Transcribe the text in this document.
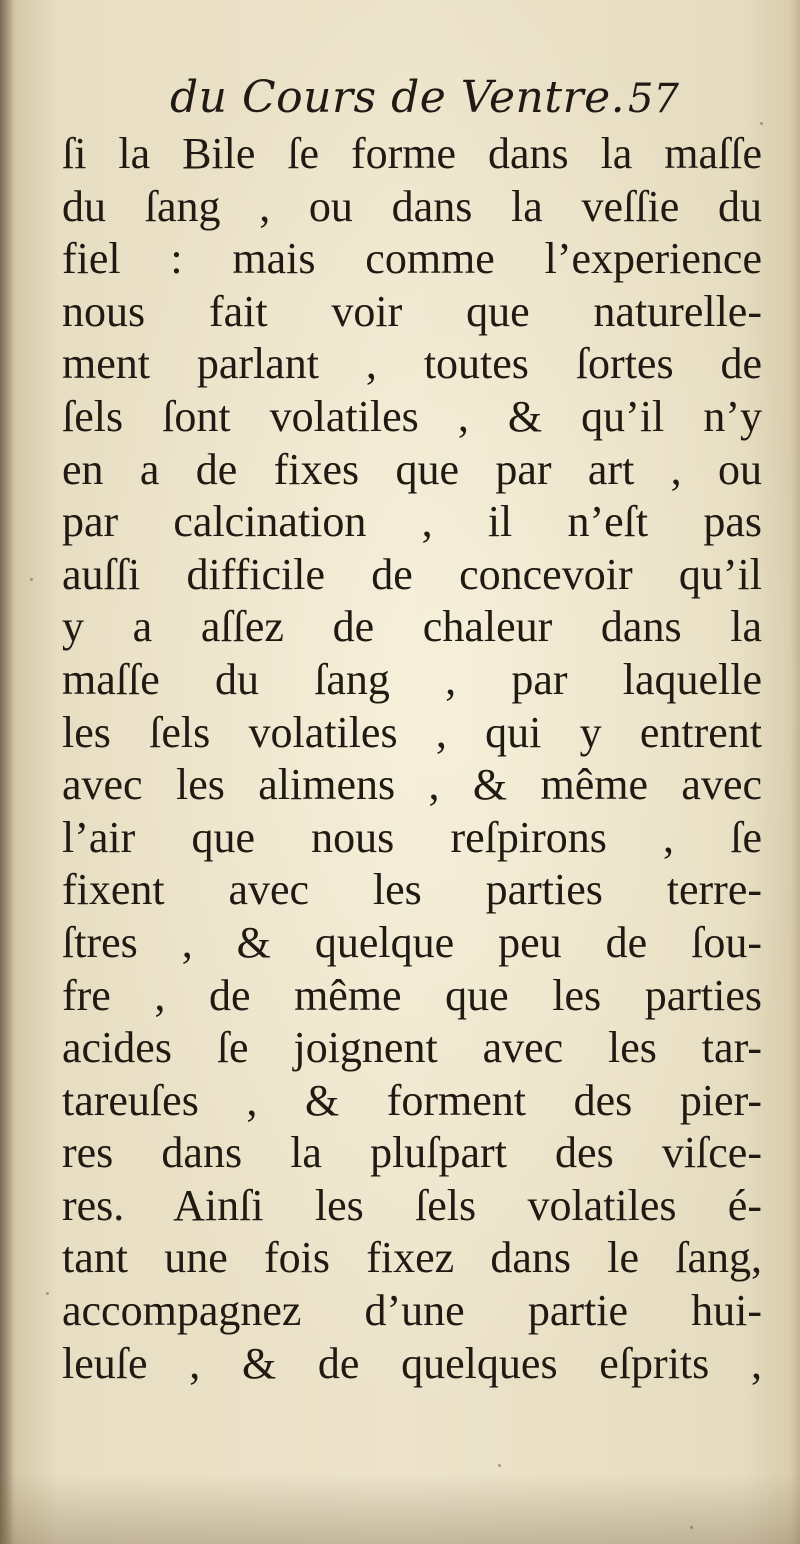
du Cours de Ventre. 57
ſi la Bile ſe forme dans la maſſe
du ſang , ou dans la veſſie du
fiel : mais comme l’experience
nous fait voir que naturelle-
ment parlant , toutes ſortes de
ſels ſont volatiles , & qu’il n’y
en a de fixes que par art , ou
par calcination , il n’eſt pas
auſſi difficile de concevoir qu’il
y a aſſez de chaleur dans la
maſſe du ſang , par laquelle
les ſels volatiles , qui y entrent
avec les alimens , & même avec
l’air que nous reſpirons , ſe
fixent avec les parties terre-
ſtres , & quelque peu de ſou-
fre , de même que les parties
acides ſe joignent avec les tar-
tareuſes , & forment des pier-
res dans la pluſpart des viſce-
res. Ainſi les ſels volatiles é-
tant une fois fixez dans le ſang,
accompagnez d’une partie hui-
leuſe , & de quelques eſprits ,
